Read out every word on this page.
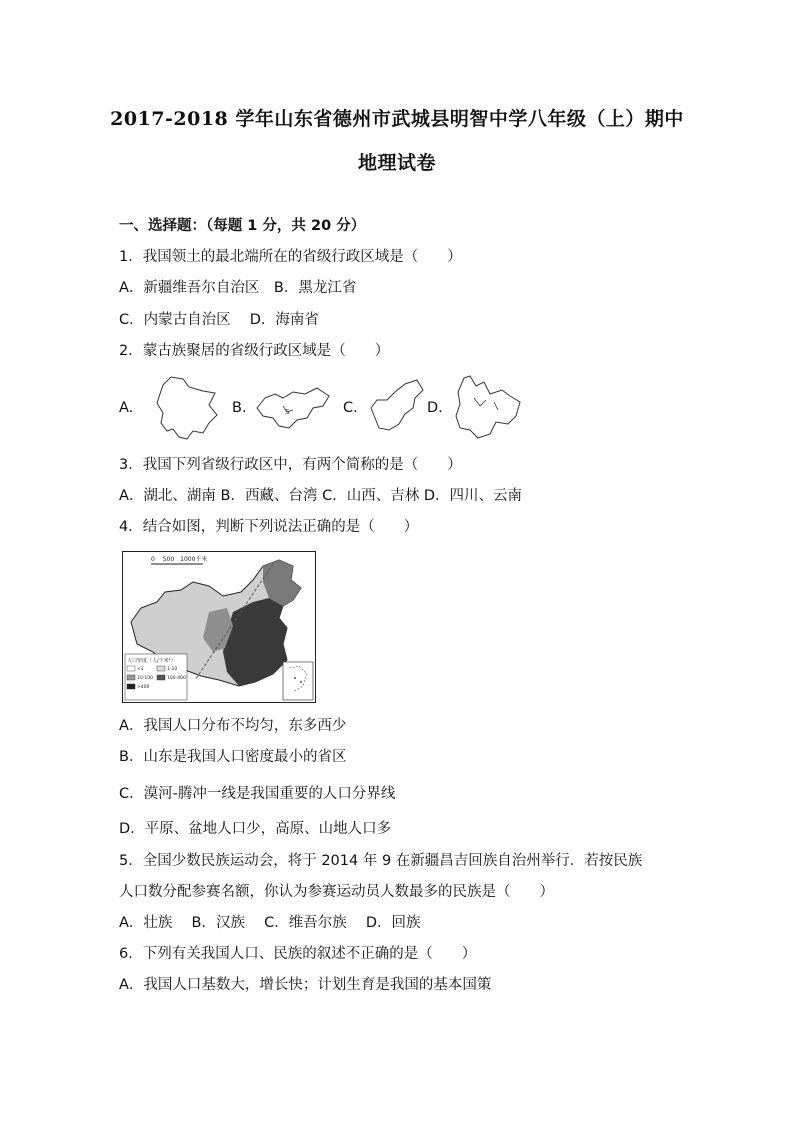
2017-2018 学年山东省德州市武城县明智中学八年级（上）期中
地理试卷
一、选择题：（每题 1 分，共 20 分）
1．我国领土的最北端所在的省级行政区域是（　　）
A．新疆维吾尔自治区　B．黑龙江省
C．内蒙古自治区　 D．海南省
2．蒙古族聚居的省级行政区域是（　　）
A.	B.	S	C.	D.
3．我国下列省级行政区中，有两个简称的是（　　）
A．湖北、湖南 B．西藏、台湾 C．山西、吉林 D．四川、云南
4．结合如图，判断下列说法正确的是（　　）
0　 500　1000千米
人口密度（人/千米²）
<1	1-10
10-100	100-400
>400
A．我国人口分布不均匀，东多西少
B．山东是我国人口密度最小的省区
C．漠河-腾冲一线是我国重要的人口分界线
D．平原、盆地人口少，高原、山地人口多
5．全国少数民族运动会，将于 2014 年 9 在新疆昌吉回族自治州举行．若按民族
人口数分配参赛名额，你认为参赛运动员人数最多的民族是（　　）
A．壮族　 B．汉族　 C．维吾尔族　 D．回族
6．下列有关我国人口、民族的叙述不正确的是（　　）
A．我国人口基数大，增长快；计划生育是我国的基本国策
